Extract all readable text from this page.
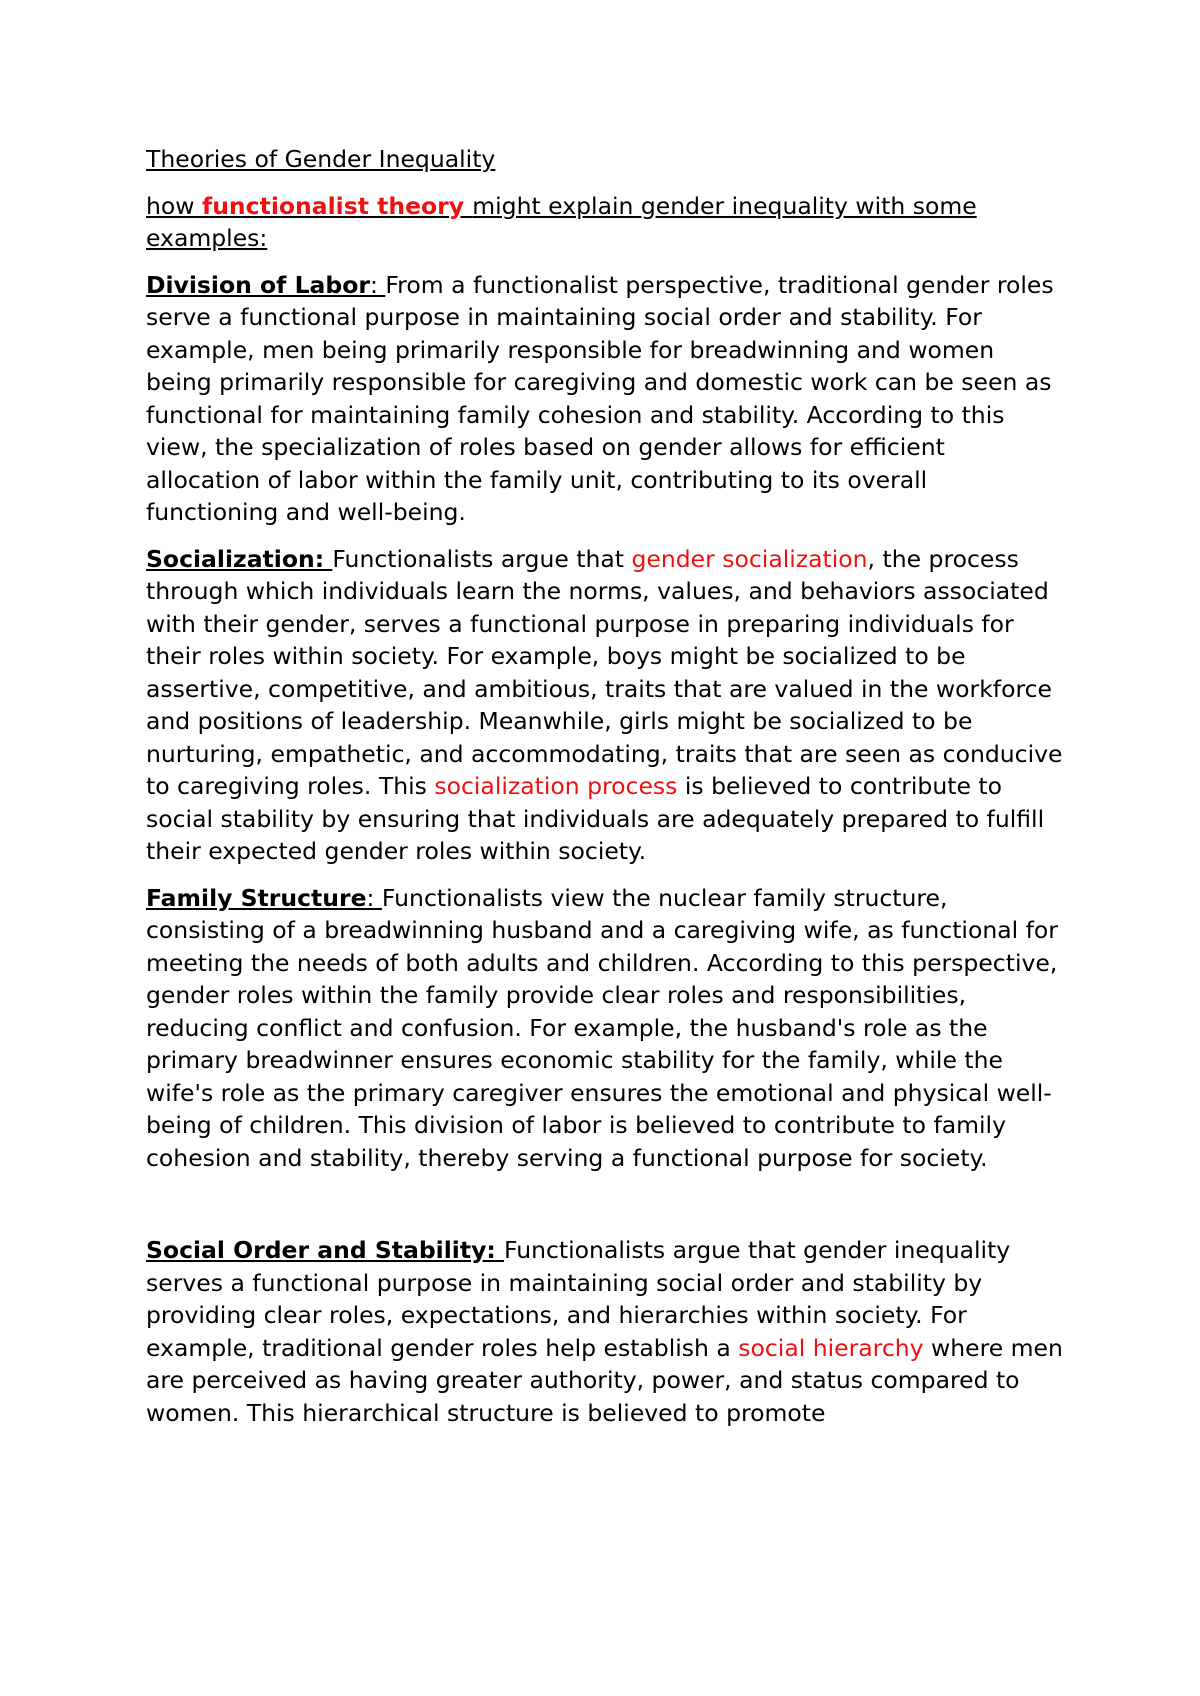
Theories of Gender Inequality

how functionalist theory might explain gender inequality with some examples:

Division of Labor: From a functionalist perspective, traditional gender roles serve a functional purpose in maintaining social order and stability. For example, men being primarily responsible for breadwinning and women being primarily responsible for caregiving and domestic work can be seen as functional for maintaining family cohesion and stability. According to this view, the specialization of roles based on gender allows for efficient allocation of labor within the family unit, contributing to its overall functioning and well-being.

Socialization: Functionalists argue that gender socialization, the process through which individuals learn the norms, values, and behaviors associated with their gender, serves a functional purpose in preparing individuals for their roles within society. For example, boys might be socialized to be assertive, competitive, and ambitious, traits that are valued in the workforce and positions of leadership. Meanwhile, girls might be socialized to be nurturing, empathetic, and accommodating, traits that are seen as conducive to caregiving roles. This socialization process is believed to contribute to social stability by ensuring that individuals are adequately prepared to fulfill their expected gender roles within society.

Family Structure: Functionalists view the nuclear family structure, consisting of a breadwinning husband and a caregiving wife, as functional for meeting the needs of both adults and children. According to this perspective, gender roles within the family provide clear roles and responsibilities, reducing conflict and confusion. For example, the husband's role as the primary breadwinner ensures economic stability for the family, while the wife's role as the primary caregiver ensures the emotional and physical well-being of children. This division of labor is believed to contribute to family cohesion and stability, thereby serving a functional purpose for society.

Social Order and Stability: Functionalists argue that gender inequality serves a functional purpose in maintaining social order and stability by providing clear roles, expectations, and hierarchies within society. For example, traditional gender roles help establish a social hierarchy where men are perceived as having greater authority, power, and status compared to women. This hierarchical structure is believed to promote
